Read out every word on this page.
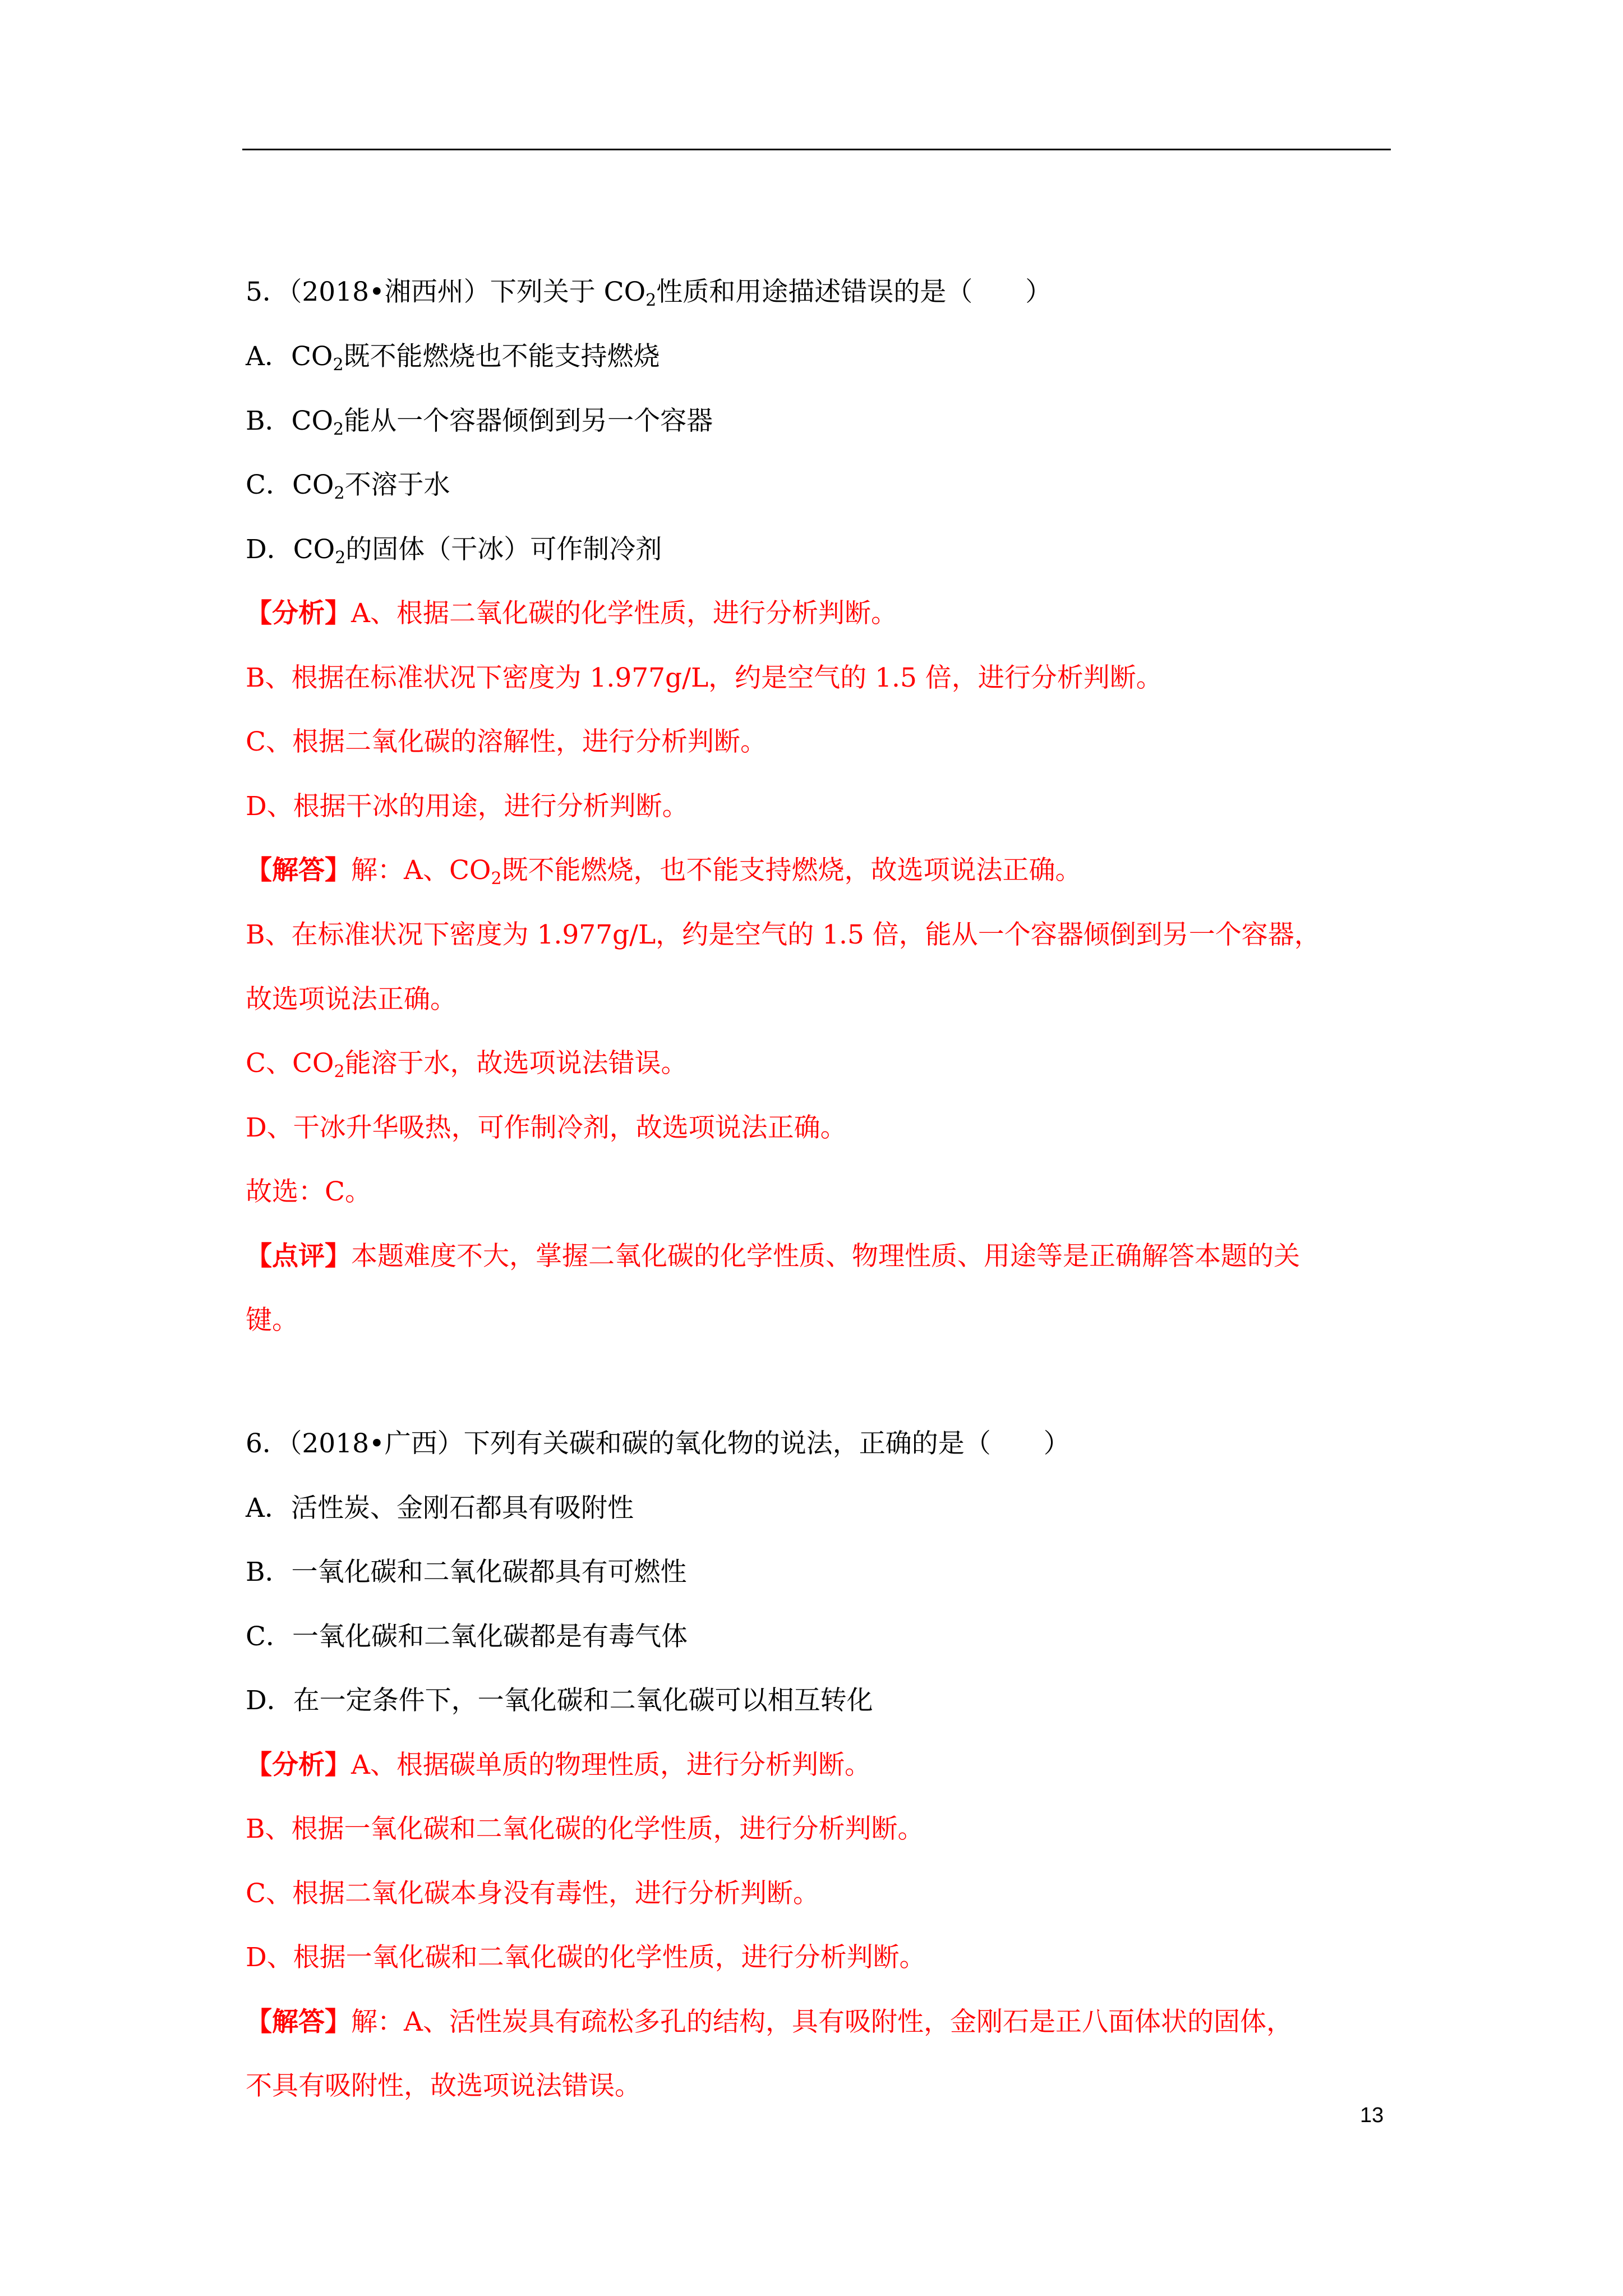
5．（2018•湘西州）下列关于 $CO_2$性质和用途描述错误的是（　　）
A．$CO_2$既不能燃烧也不能支持燃烧
B．$CO_2$能从一个容器倾倒到另一个容器
C．$CO_2$不溶于水
D．$CO_2$的固体（干冰）可作制冷剂
【分析】A、根据二氧化碳的化学性质，进行分析判断。
B、根据在标准状况下密度为 1.977g/L，约是空气的 1.5 倍，进行分析判断。
C、根据二氧化碳的溶解性，进行分析判断。
D、根据干冰的用途，进行分析判断。
【解答】解：A、$CO_2$既不能燃烧，也不能支持燃烧，故选项说法正确。
B、在标准状况下密度为 1.977g/L，约是空气的 1.5 倍，能从一个容器倾倒到另一个容器，
故选项说法正确。
C、$CO_2$能溶于水，故选项说法错误。
D、干冰升华吸热，可作制冷剂，故选项说法正确。
故选：C。
【点评】本题难度不大，掌握二氧化碳的化学性质、物理性质、用途等是正确解答本题的关
键。
6．（2018•广西）下列有关碳和碳的氧化物的说法，正确的是（　　）
A．活性炭、金刚石都具有吸附性
B．一氧化碳和二氧化碳都具有可燃性
C．一氧化碳和二氧化碳都是有毒气体
D．在一定条件下，一氧化碳和二氧化碳可以相互转化
【分析】A、根据碳单质的物理性质，进行分析判断。
B、根据一氧化碳和二氧化碳的化学性质，进行分析判断。
C、根据二氧化碳本身没有毒性，进行分析判断。
D、根据一氧化碳和二氧化碳的化学性质，进行分析判断。
【解答】解：A、活性炭具有疏松多孔的结构，具有吸附性，金刚石是正八面体状的固体，
不具有吸附性，故选项说法错误。
13
